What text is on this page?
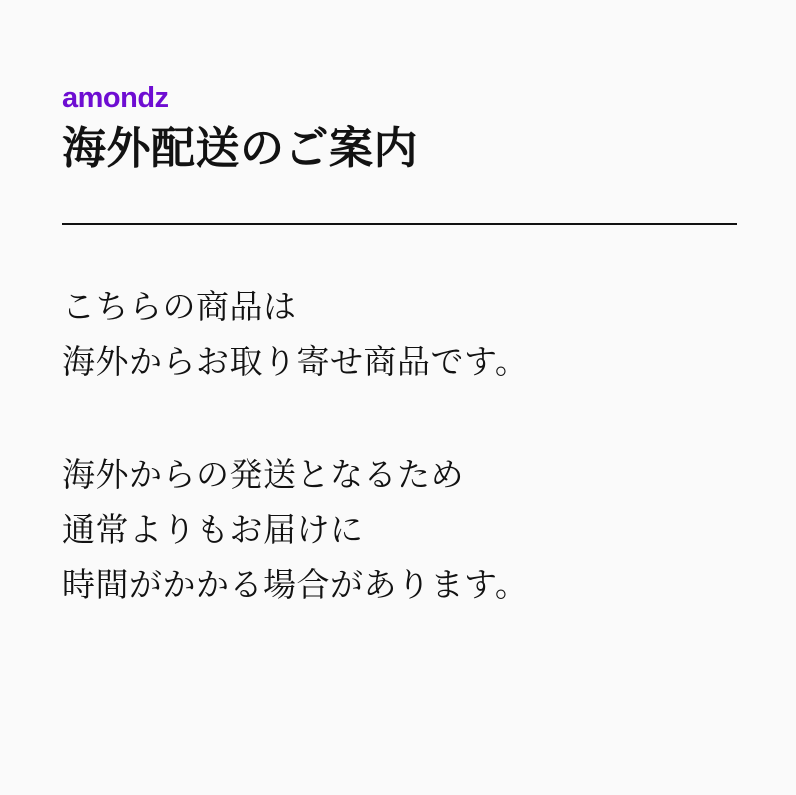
amondz
海外配送のご案内

こちらの商品は

海外からお取り寄せ商品です。

海外からの発送となるため

通常よりもお届けに

時間がかかる場合があります。
